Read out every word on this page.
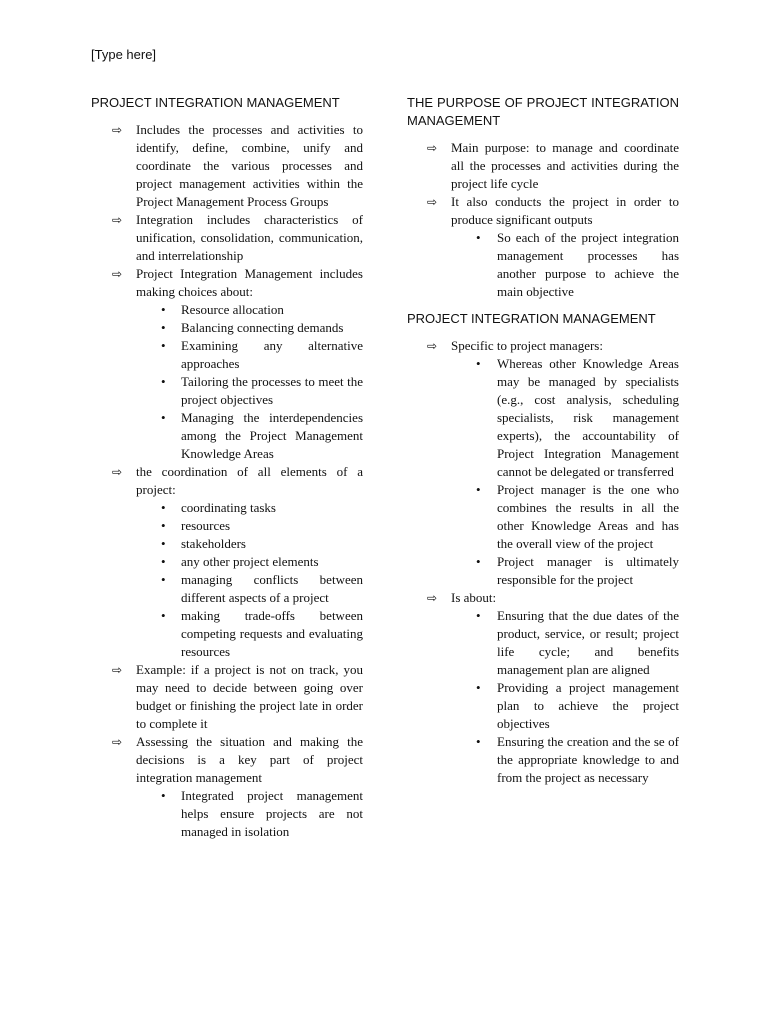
[Type here]
PROJECT INTEGRATION MANAGEMENT
⇨ Includes the processes and activities to identify, define, combine, unify and coordinate the various processes and project management activities within the Project Management Process Groups
⇨ Integration includes characteristics of unification, consolidation, communication, and interrelationship
⇨ Project Integration Management includes making choices about:
• Resource allocation
• Balancing connecting demands
• Examining any alternative approaches
• Tailoring the processes to meet the project objectives
• Managing the interdependencies among the Project Management Knowledge Areas
⇨ the coordination of all elements of a project:
• coordinating tasks
• resources
• stakeholders
• any other project elements
• managing conflicts between different aspects of a project
• making trade-offs between competing requests and evaluating resources
⇨ Example: if a project is not on track, you may need to decide between going over budget or finishing the project late in order to complete it
⇨ Assessing the situation and making the decisions is a key part of project integration management
• Integrated project management helps ensure projects are not managed in isolation
THE PURPOSE OF PROJECT INTEGRATION MANAGEMENT
⇨ Main purpose: to manage and coordinate all the processes and activities during the project life cycle
⇨ It also conducts the project in order to produce significant outputs
• So each of the project integration management processes has another purpose to achieve the main objective
PROJECT INTEGRATION MANAGEMENT
⇨ Specific to project managers:
• Whereas other Knowledge Areas may be managed by specialists (e.g., cost analysis, scheduling specialists, risk management experts), the accountability of Project Integration Management cannot be delegated or transferred
• Project manager is the one who combines the results in all the other Knowledge Areas and has the overall view of the project
• Project manager is ultimately responsible for the project
⇨ Is about:
• Ensuring that the due dates of the product, service, or result; project life cycle; and benefits management plan are aligned
• Providing a project management plan to achieve the project objectives
• Ensuring the creation and the se of the appropriate knowledge to and from the project as necessary
